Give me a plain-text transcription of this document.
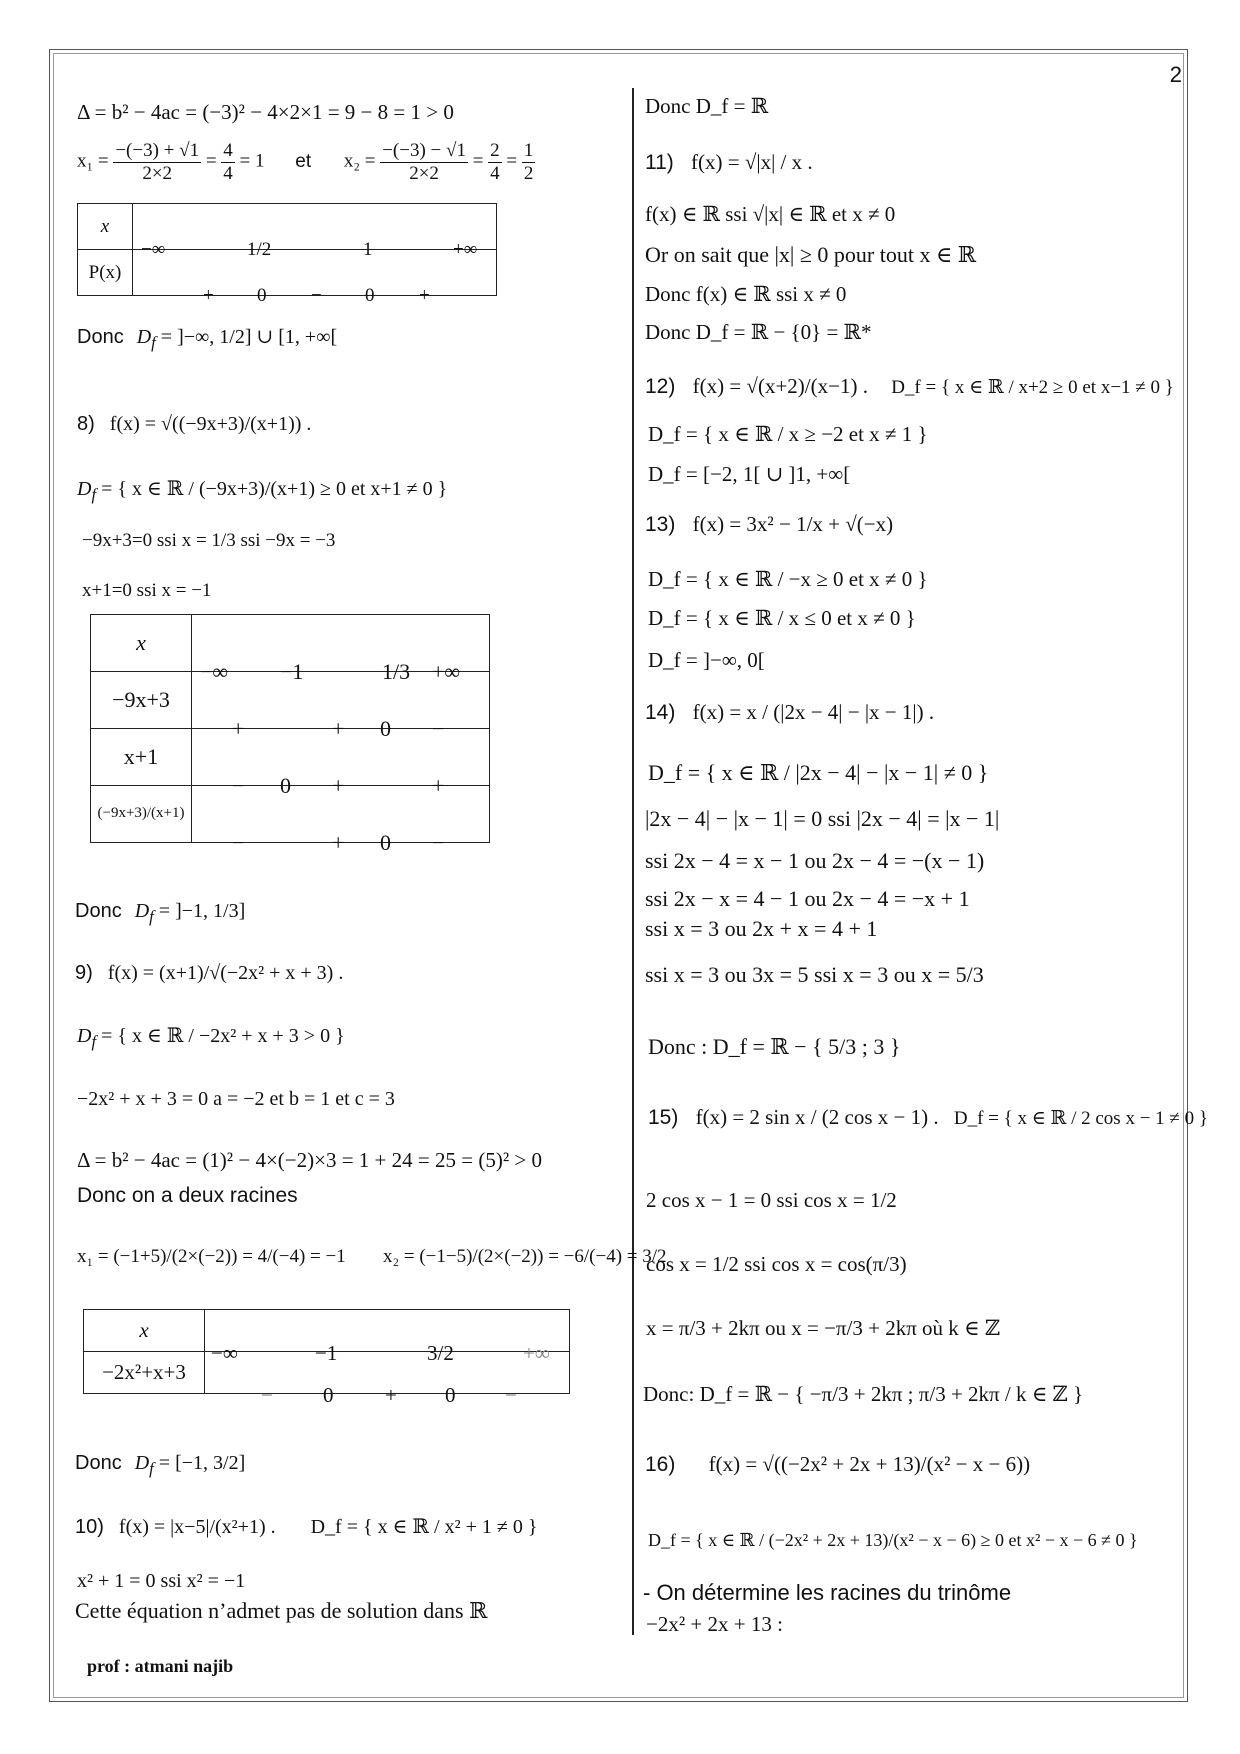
2
Δ = b² − 4ac = (−3)² − 4×2×1 = 9 − 8 = 1 > 0
$x_1 = \frac{-(-3) + √1}{2\times 2} = \frac{4}{4} = 1$ et $x_2 = \frac{-(-3) - √1}{2\times 2} = \frac{2}{4} = \frac{1}{2}$
x	−∞ 1/2 1 +∞

P(x)	+ 0 − 0 +
Donc $D_f$ = ]−∞, 1/2] ∪ [1, +∞[
8) f(x) = √((−9x+3)/(x+1)) .
$D_f$ = { x ∈ ℝ / (−9x+3)/(x+1) ≥ 0 et x+1 ≠ 0 }
−9x+3=0 ssi x = 1/3 ssi −9x = −3
x+1=0 ssi x = −1
x	−∞ −1 1/3 +∞

−9x+3	+ + 0 −

x+1	− 0 + +

(−9x+3)/(x+1)	− + 0 −
Donc $D_f = ]-1$, 1/3]
9) f(x) = (x+1)/√(−2x² + x + 3) .
$D_f$ = { x ∈ ℝ / −2x² + x + 3 > 0 }
−2x² + x + 3 = 0 a = −2 et b = 1 et c = 3
Δ = b² − 4ac = (1)² − 4×(−2)×3 = 1 + 24 = 25 = (5)² > 0
Donc on a deux racines
x₁ = (−1+5)/(2×(−2)) = 4/(−4) = −1 x₂ = (−1−5)/(2×(−2)) = −6/(−4) = 3/2
x	−∞ −1 3/2 +∞

−2x²+x+3	− 0 + 0 −
Donc $D_f = [-1$, 3/2]
10) f(x) = |x−5|/(x²+1) . D_f = { x ∈ ℝ / x² + 1 ≠ 0 }
x² + 1 = 0 ssi x² = −1
Cette équation n’admet pas de solution dans ℝ
Donc D_f = ℝ
11) f(x) = √|x| / x .
f(x) ∈ ℝ ssi √|x| ∈ ℝ et x ≠ 0
Or on sait que |x| ≥ 0 pour tout x ∈ ℝ
Donc f(x) ∈ ℝ ssi x ≠ 0
Donc D_f = ℝ − {0} = ℝ*
12) f(x) = √(x+2)/(x−1) . D_f = { x ∈ ℝ / x+2 ≥ 0 et x−1 ≠ 0 }
D_f = { x ∈ ℝ / x ≥ −2 et x ≠ 1 }
D_f = [−2, 1[ ∪ ]1, +∞[
13) f(x) = 3x² − 1/x + √(−x)
D_f = { x ∈ ℝ / −x ≥ 0 et x ≠ 0 }
D_f = { x ∈ ℝ / x ≤ 0 et x ≠ 0 }
D_f = ]−∞, 0[
14) f(x) = x / (|2x − 4| − |x − 1|) .
D_f = { x ∈ ℝ / |2x − 4| − |x − 1| ≠ 0 }
|2x − 4| − |x − 1| = 0 ssi |2x − 4| = |x − 1|
ssi 2x − 4 = x − 1 ou 2x − 4 = −(x − 1)
ssi 2x − x = 4 − 1 ou 2x − 4 = −x + 1
ssi x = 3 ou 2x + x = 4 + 1
ssi x = 3 ou 3x = 5 ssi x = 3 ou x = 5/3
Donc : D_f = ℝ − { 5/3 ; 3 }
15) f(x) = 2 sin x / (2 cos x − 1) . D_f = { x ∈ ℝ / 2 cos x − 1 ≠ 0 }
2 cos x − 1 = 0 ssi cos x = 1/2
cos x = 1/2 ssi cos x = cos(π/3)
x = π/3 + 2kπ ou x = −π/3 + 2kπ où k ∈ ℤ
Donc: D_f = ℝ − { −π/3 + 2kπ ; π/3 + 2kπ / k ∈ ℤ }
16) f(x) = √((−2x² + 2x + 13)/(x² − x − 6))
D_f = { x ∈ ℝ / (−2x² + 2x + 13)/(x² − x − 6) ≥ 0 et x² − x − 6 ≠ 0 }
- On détermine les racines du trinôme
−2x² + 2x + 13 :
prof : atmani najib
